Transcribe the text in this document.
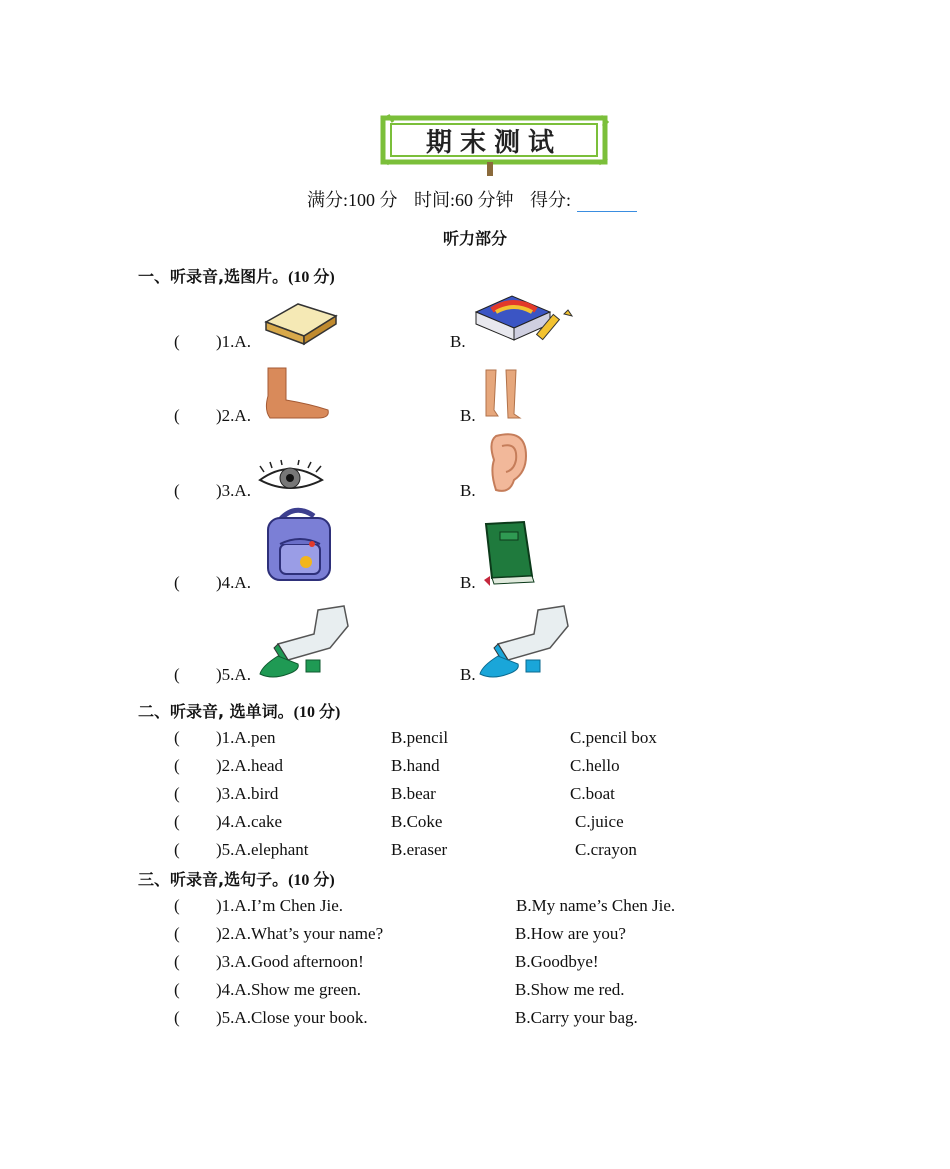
期末测试
满分:100 分 时间:60 分钟 得分:
听力部分
一、听录音,选图片。(10 分)
( )1.A.	B.
( )2.A.	B.
( )3.A.	B.
( )4.A.	B.
( )5.A.	B.
二、听录音, 选单词。(10 分)
( )1.A.pen	B.pencil	C.pencil box
( )2.A.head	B.hand	C.hello
( )3.A.bird	B.bear	C.boat
( )4.A.cake	B.Coke	C.juice
( )5.A.elephant	B.eraser	C.crayon
三、听录音,选句子。(10 分)
( )1.A.I’m Chen Jie.	B.My name’s Chen Jie.
( )2.A.What’s your name?	B.How are you?
( )3.A.Good afternoon!	B.Goodbye!
( )4.A.Show me green.	B.Show me red.
( )5.A.Close your book.	B.Carry your bag.
